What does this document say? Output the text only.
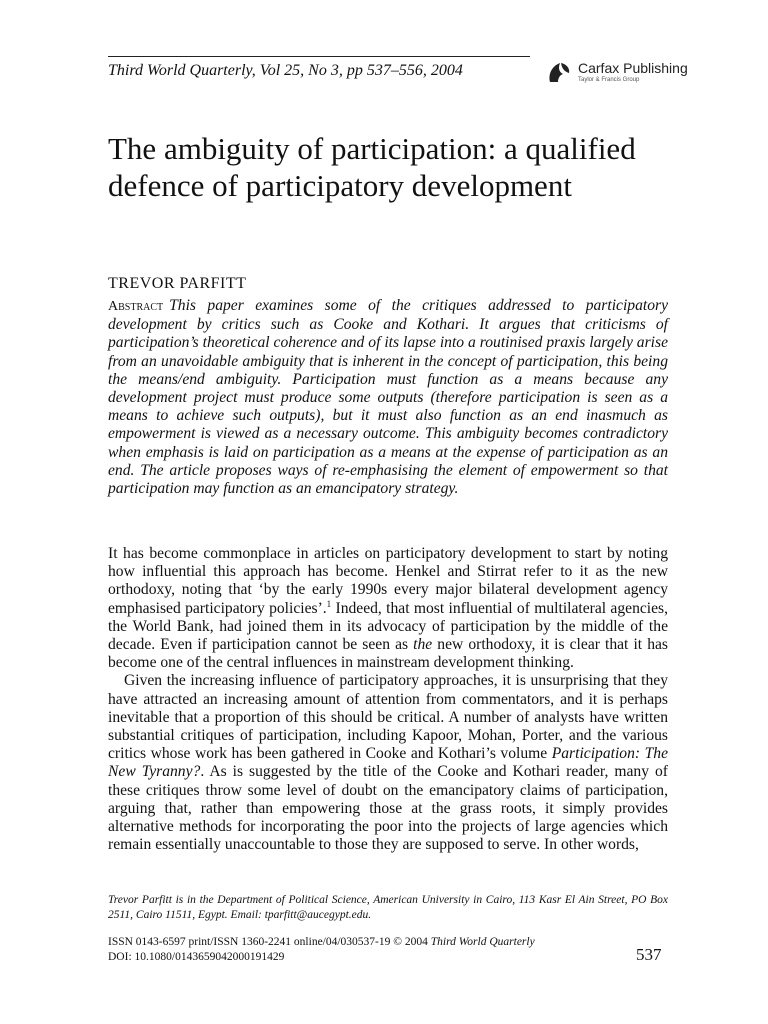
Third World Quarterly, Vol 25, No 3, pp 537–556, 2004	Carfax Publishing
Taylor & Francis Group
The ambiguity of participation: a qualified defence of participatory development
TREVOR PARFITT
Abstract This paper examines some of the critiques addressed to participatory development by critics such as Cooke and Kothari. It argues that criticisms of participation’s theoretical coherence and of its lapse into a routinised praxis largely arise from an unavoidable ambiguity that is inherent in the concept of participation, this being the means/end ambiguity. Participation must function as a means because any development project must produce some outputs (therefore participation is seen as a means to achieve such outputs), but it must also function as an end inasmuch as empowerment is viewed as a necessary outcome. This ambiguity becomes contradictory when emphasis is laid on participation as a means at the expense of participation as an end. The article proposes ways of re-emphasising the element of empowerment so that participation may function as an emancipatory strategy.

It has become commonplace in articles on participatory development to start by noting how influential this approach has become. Henkel and Stirrat refer to it as the new orthodoxy, noting that ‘by the early 1990s every major bilateral development agency emphasised participatory policies’.$^1$ Indeed, that most influential of multilateral agencies, the World Bank, had joined them in its advocacy of participation by the middle of the decade. Even if participation cannot be seen as the new orthodoxy, it is clear that it has become one of the central influences in mainstream development thinking.

Given the increasing influence of participatory approaches, it is unsurprising that they have attracted an increasing amount of attention from commentators, and it is perhaps inevitable that a proportion of this should be critical. A number of analysts have written substantial critiques of participation, including Kapoor, Mohan, Porter, and the various critics whose work has been gathered in Cooke and Kothari’s volume Participation: The New Tyranny?. As is suggested by the title of the Cooke and Kothari reader, many of these critiques throw some level of doubt on the emancipatory claims of participation, arguing that, rather than empowering those at the grass roots, it simply provides alternative methods for incorporating the poor into the projects of large agencies which remain essentially unaccountable to those they are supposed to serve. In other words,

Trevor Parfitt is in the Department of Political Science, American University in Cairo, 113 Kasr El Ain Street, PO Box 2511, Cairo 11511, Egypt. Email: tparfitt@aucegypt.edu.
ISSN 0143-6597 print/ISSN 1360-2241 online/04/030537-19 © 2004 Third World Quarterly
DOI: 10.1080/0143659042000191429	537
